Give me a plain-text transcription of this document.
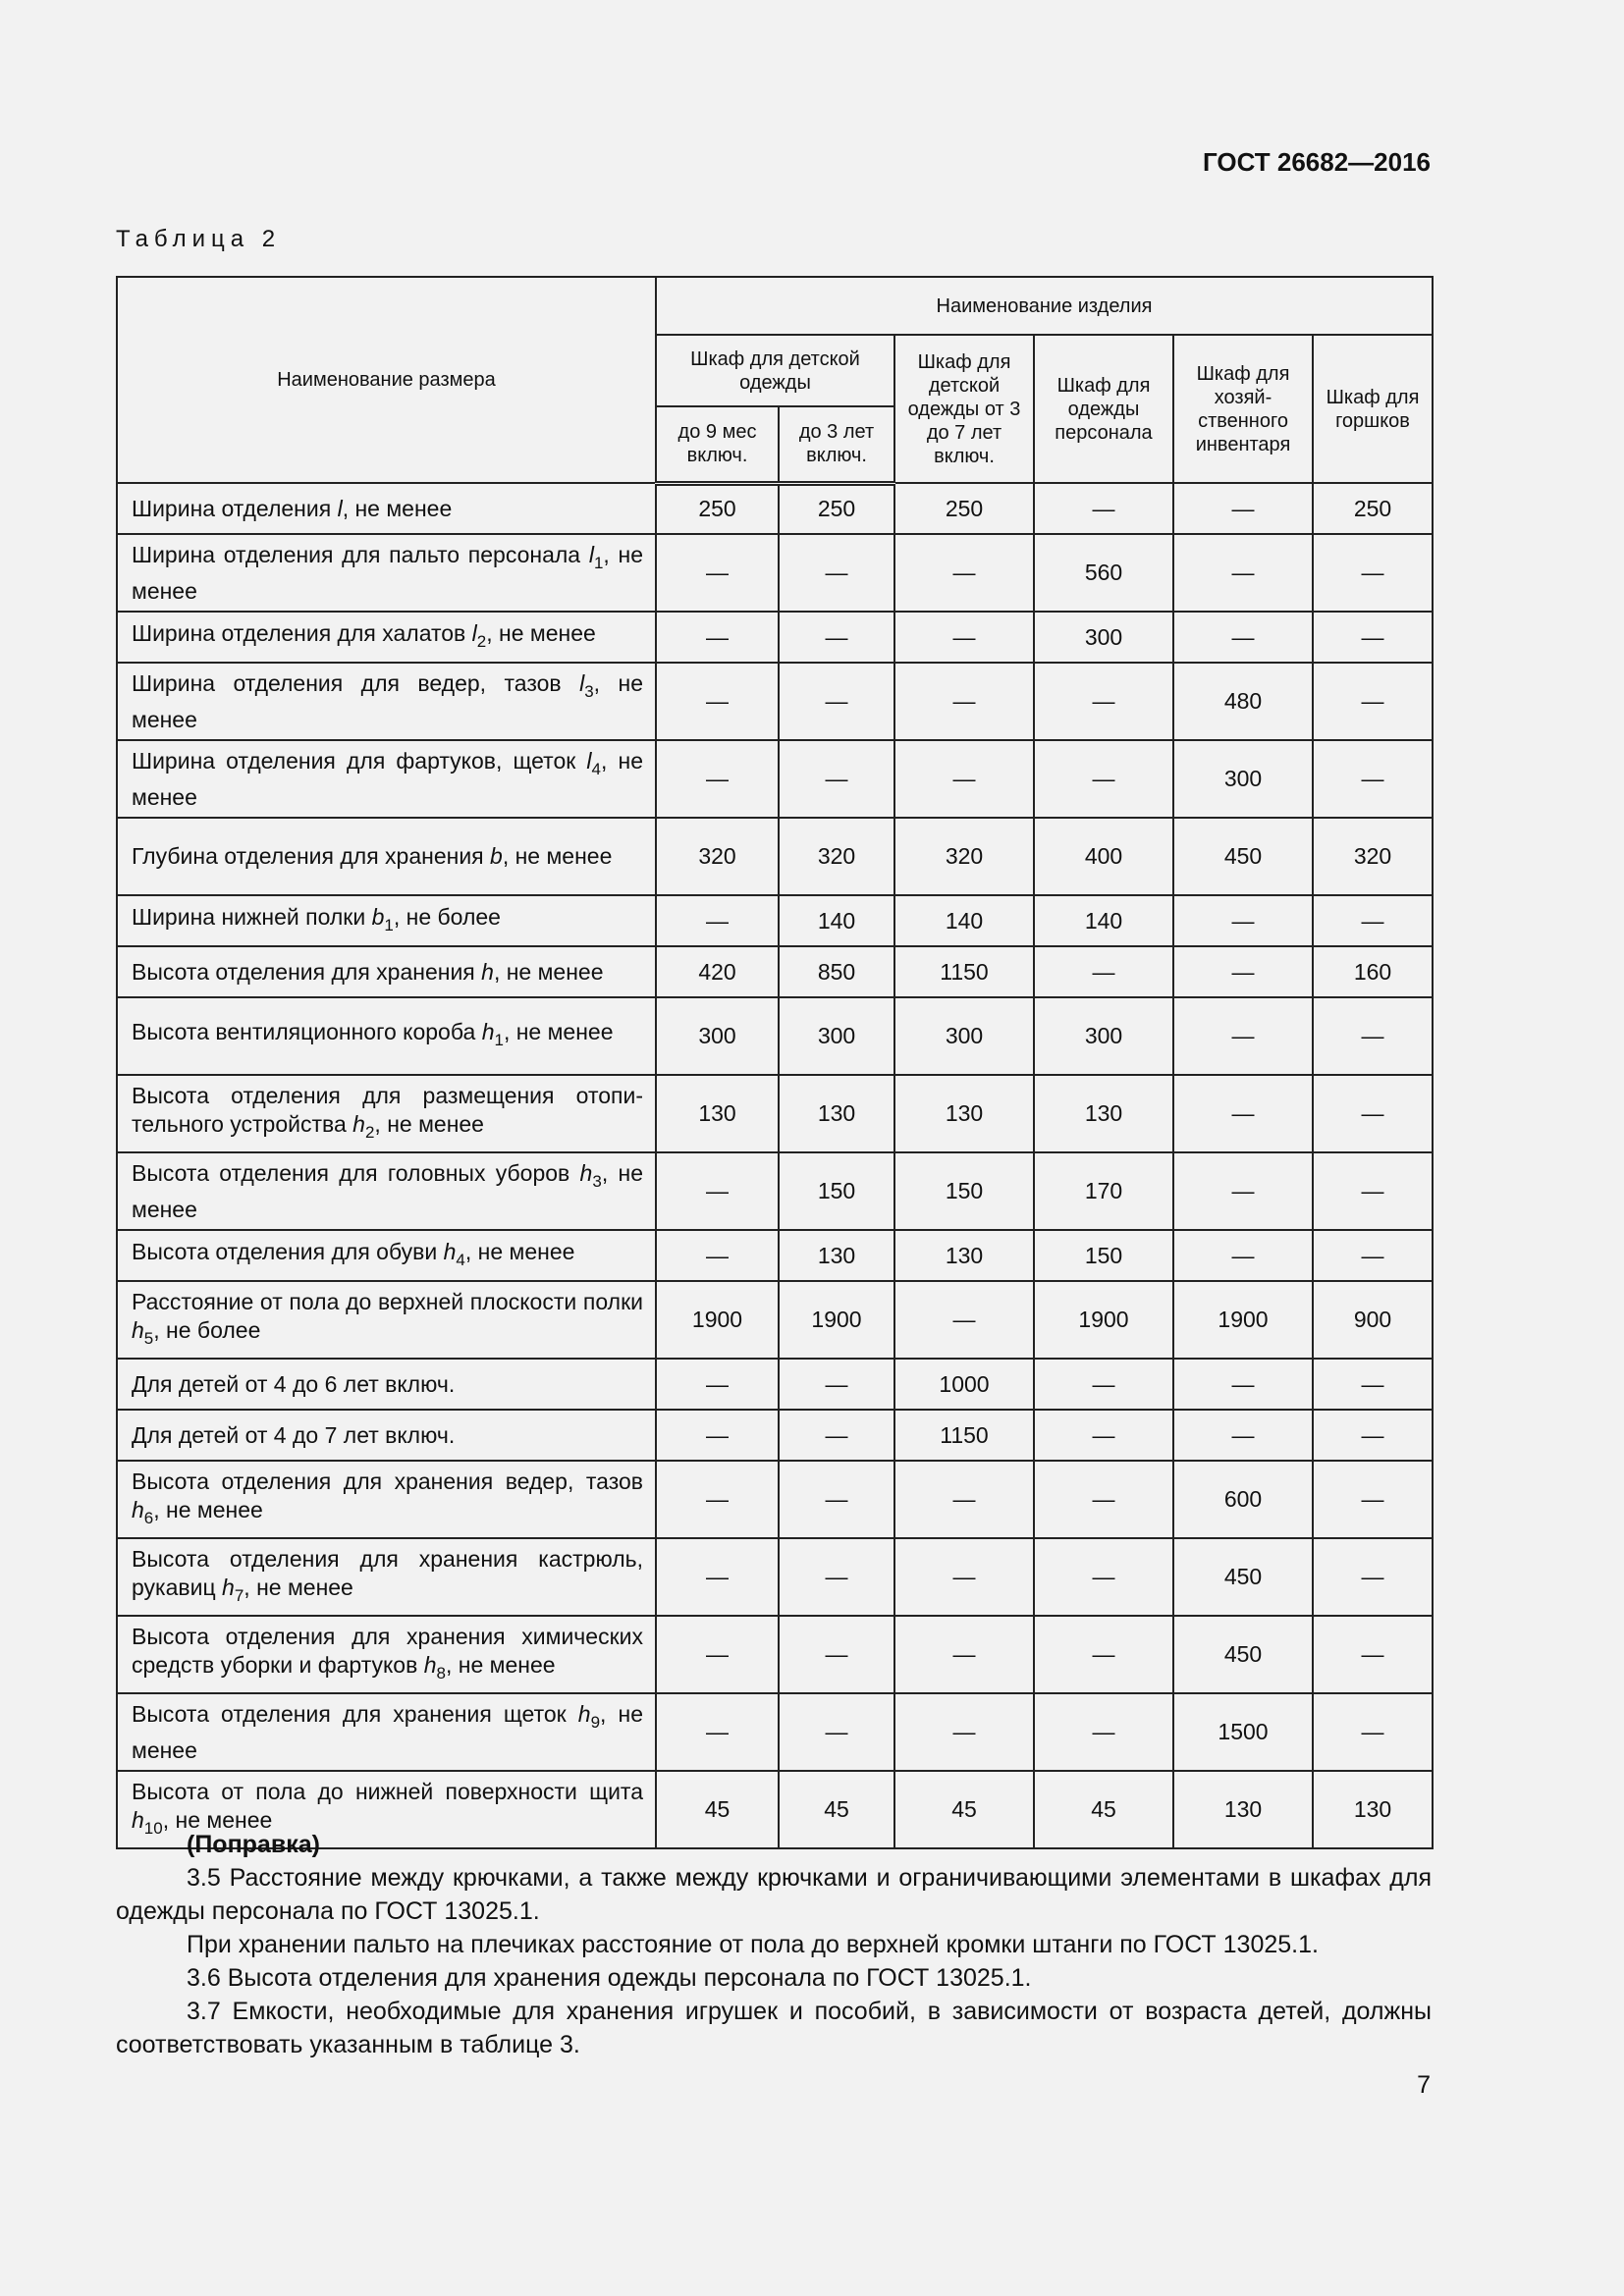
ГОСТ 26682—2016
Таблица 2
Наименование размера	Наименование изделия					
	Шкаф для детской одежды		Шкаф для детской одежды от 3 до 7 лет включ.	Шкаф для одежды персонала	Шкаф для хозяйственного инвентаря	Шкаф для горшков
	до 9 мес включ.	до 3 лет включ.				
Ширина отделения l, не менее	250	250	250	—	—	250
Ширина отделения для пальто персонала $l_1$, не менее	—	—	—	560	—	—
Ширина отделения для халатов $l_2$, не менее	—	—	—	300	—	—
Ширина отделения для ведер, тазов $l_3$, не менее	—	—	—	—	480	—
Ширина отделения для фартуков, щеток $l_4$, не менее	—	—	—	—	300	—
Глубина отделения для хранения b, не менее	320	320	320	400	450	320
Ширина нижней полки $b_1$, не более	—	140	140	140	—	—
Высота отделения для хранения h, не менее	420	850	1150	—	—	160
Высота вентиляционного короба $h_1$, не менее	300	300	300	300	—	—
Высота отделения для размещения отопительного устройства $h_2$, не менее	130	130	130	130	—	—
Высота отделения для головных уборов $h_3$, не менее	—	150	150	170	—	—
Высота отделения для обуви $h_4$, не менее	—	130	130	150	—	—
Расстояние от пола до верхней плоскости полки $h_5$, не более	1900	1900	—	1900	1900	900
Для детей от 4 до 6 лет включ.	—	—	1000	—	—	—
Для детей от 4 до 7 лет включ.	—	—	1150	—	—	—
Высота отделения для хранения ведер, тазов $h_6$, не менее	—	—	—	—	600	—
Высота отделения для хранения кастрюль, рукавиц $h_7$, не менее	—	—	—	—	450	—
Высота отделения для хранения химических средств уборки и фартуков $h_8$, не менее	—	—	—	—	450	—
Высота отделения для хранения щеток $h_9$, не менее	—	—	—	—	1500	—
Высота от пола до нижней поверхности щита $h_{10}$, не менее	45	45	45	45	130	130

(Поправка)

3.5 Расстояние между крючками, а также между крючками и ограничивающими элементами в шкафах для одежды персонала по ГОСТ 13025.1.

При хранении пальто на плечиках расстояние от пола до верхней кромки штанги по ГОСТ 13025.1.

3.6 Высота отделения для хранения одежды персонала по ГОСТ 13025.1.

3.7 Емкости, необходимые для хранения игрушек и пособий, в зависимости от возраста детей, должны соответствовать указанным в таблице 3.

7
